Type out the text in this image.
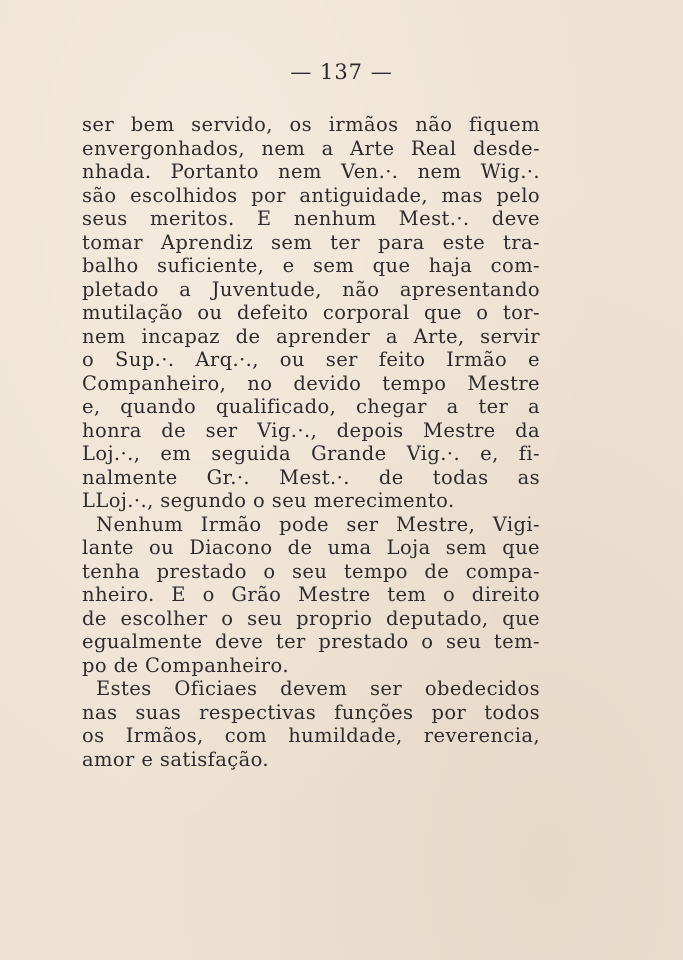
— 137 —
ser bem servido, os irmãos não fiquem
envergonhados, nem a Arte Real desde-
nhada. Portanto nem Ven.·. nem Wig.·.
são escolhidos por antiguidade, mas pelo
seus meritos. E nenhum Mest.·. deve
tomar Aprendiz sem ter para este tra-
balho suficiente, e sem que haja com-
pletado a Juventude, não apresentando
mutilação ou defeito corporal que o tor-
nem incapaz de aprender a Arte, servir
o Sup.·. Arq.·., ou ser feito Irmão e
Companheiro, no devido tempo Mestre
e, quando qualificado, chegar a ter a
honra de ser Vig.·., depois Mestre da
Loj.·., em seguida Grande Vig.·. e, fi-
nalmente Gr.·. Mest.·. de todas as
LLoj.·., segundo o seu merecimento.
Nenhum Irmão pode ser Mestre, Vigi-
lante ou Diacono de uma Loja sem que
tenha prestado o seu tempo de compa-
nheiro. E o Grão Mestre tem o direito
de escolher o seu proprio deputado, que
egualmente deve ter prestado o seu tem-
po de Companheiro.
Estes Oficiaes devem ser obedecidos
nas suas respectivas funções por todos
os Irmãos, com humildade, reverencia,
amor e satisfação.
